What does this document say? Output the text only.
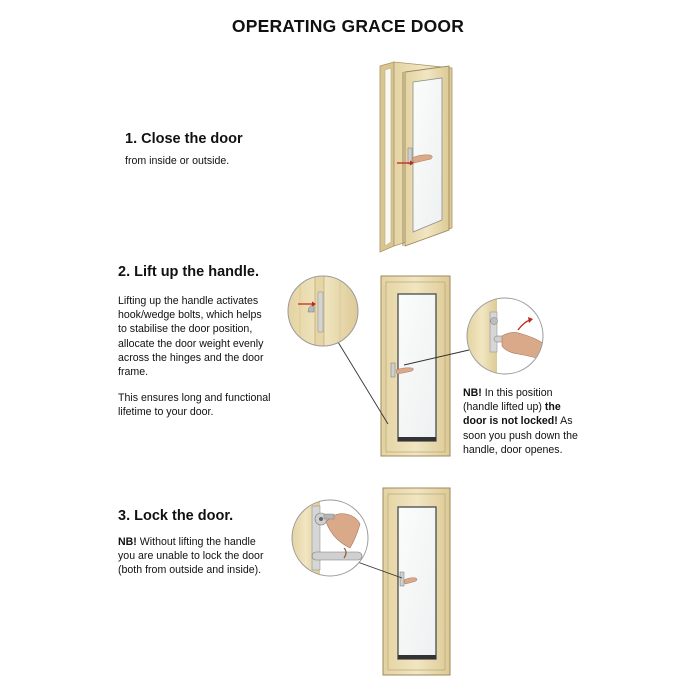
OPERATING GRACE DOOR
1. Close the door
from inside or outside.
2. Lift up the handle.
Lifting up the handle activates
hook/wedge bolts, which helps
to stabilise the door position,
allocate the door weight evenly
across the hinges and the door
frame.
This ensures long and functional
lifetime to your door.
NB! In this position
(handle lifted up) the
door is not locked! As
soon you push down the
handle, door openes.
3. Lock the door.
NB! Without lifting the handle
you are unable to lock the door
(both from outside and inside).
